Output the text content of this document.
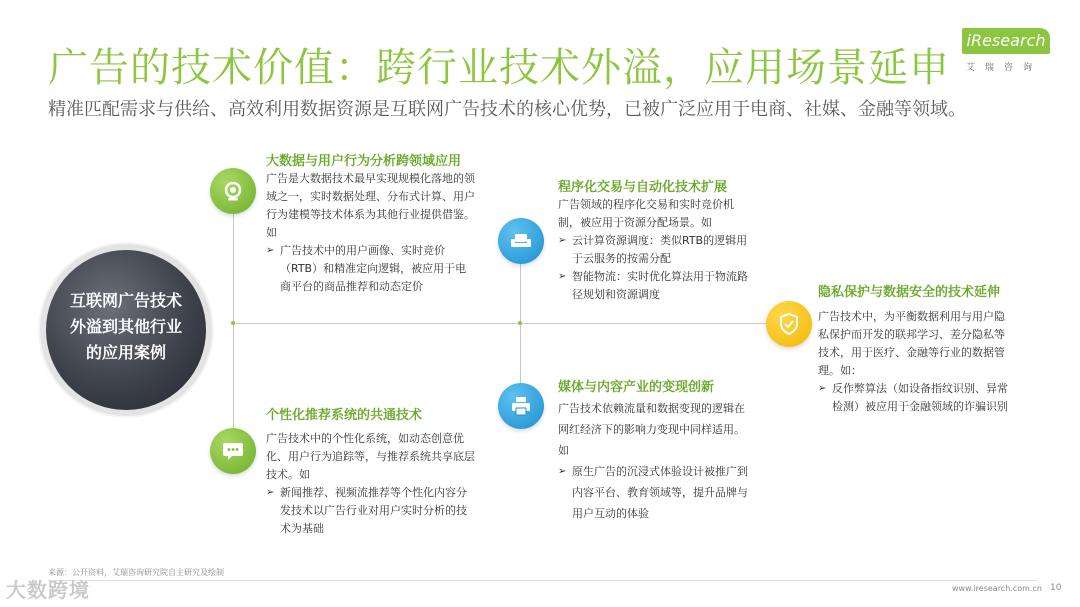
广告的技术价值：跨行业技术外溢，应用场景延申
精准匹配需求与供给、高效利用数据资源是互联网广告技术的核心优势，已被广泛应用于电商、社媒、金融等领域。
iResearch
艾瑞咨询
互联网广告技术
外溢到其他行业
的应用案例
大数据与用户行为分析跨领域应用
广告是大数据技术最早实现规模化落地的领域之一，实时数据处理、分布式计算、用户行为建模等技术体系为其他行业提供借鉴。如
➢ 广告技术中的用户画像、实时竞价（RTB）和精准定向逻辑，被应用于电商平台的商品推荐和动态定价
个性化推荐系统的共通技术
广告技术中的个性化系统，如动态创意优化、用户行为追踪等，与推荐系统共享底层技术。如
➢ 新闻推荐、视频流推荐等个性化内容分发技术以广告行业对用户实时分析的技术为基础
程序化交易与自动化技术扩展
广告领域的程序化交易和实时竞价机制，被应用于资源分配场景。如
➢ 云计算资源调度：类似RTB的逻辑用于云服务的按需分配
➢ 智能物流：实时优化算法用于物流路径规划和资源调度
媒体与内容产业的变现创新
广告技术依赖流量和数据变现的逻辑在网红经济下的影响力变现中同样适用。如
➢ 原生广告的沉浸式体验设计被推广到内容平台、教育领域等，提升品牌与用户互动的体验
隐私保护与数据安全的技术延伸
广告技术中，为平衡数据利用与用户隐私保护而开发的联邦学习、差分隐私等技术，用于医疗、金融等行业的数据管理。如：
➢ 反作弊算法（如设备指纹识别、异常检测）被应用于金融领域的诈骗识别
来源：公开资料，艾瑞咨询研究院自主研究及绘制
www.iresearch.com.cn 10
大数跨境
